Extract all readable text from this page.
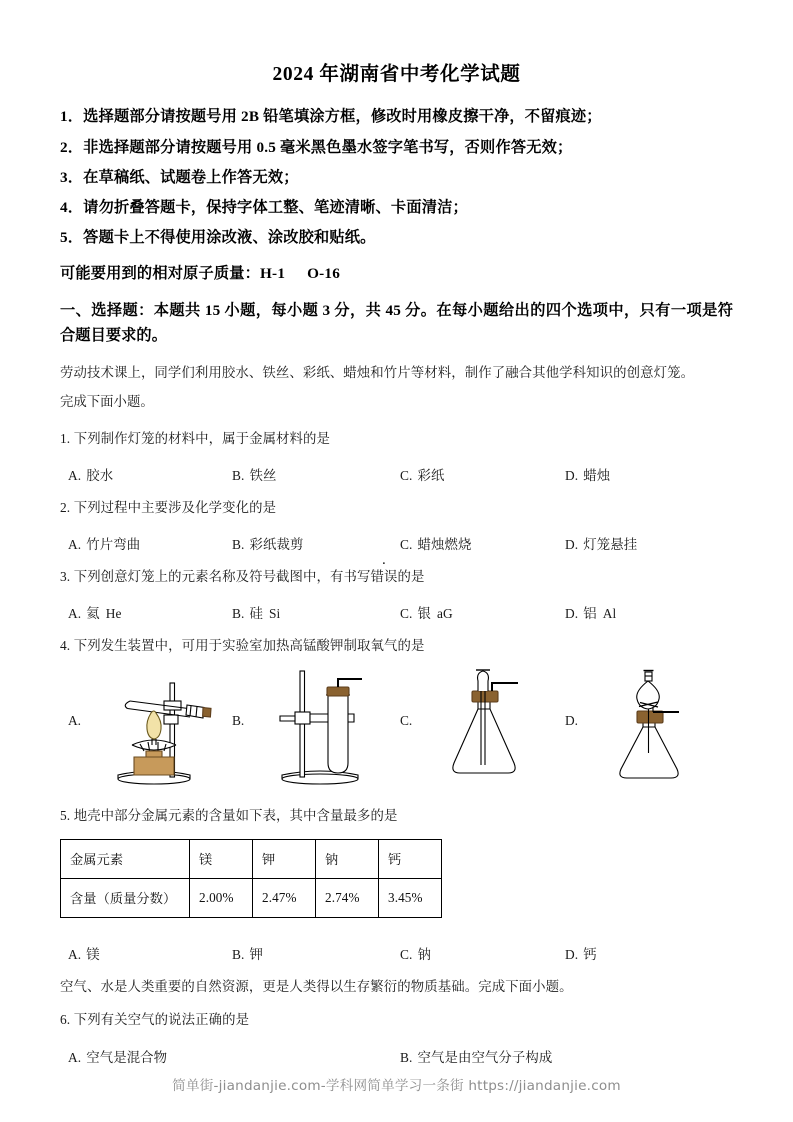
2024 年湖南省中考化学试题
1．选择题部分请按题号用 2B 铅笔填涂方框，修改时用橡皮擦干净，不留痕迹；
2．非选择题部分请按题号用 0.5 毫米黑色墨水签字笔书写，否则作答无效；
3．在草稿纸、试题卷上作答无效；
4．请勿折叠答题卡，保持字体工整、笔迹清晰、卡面清洁；
5．答题卡上不得使用涂改液、涂改胶和贴纸。
可能要用到的相对原子质量：H-1 O-16
一、选择题：本题共 15 小题，每小题 3 分，共 45 分。在每小题给出的四个选项中，只有一项是符合题目要求的。
劳动技术课上，同学们利用胶水、铁丝、彩纸、蜡烛和竹片等材料，制作了融合其他学科知识的创意灯笼。
完成下面小题。
1. 下列制作灯笼的材料中，属于金属材料的是
A. 胶水	B. 铁丝	C. 彩纸	D. 蜡烛
2. 下列过程中主要涉及化学变化的是
A. 竹片弯曲	B. 彩纸裁剪	C. 蜡烛燃烧	D. 灯笼悬挂
3. 下列创意灯笼上的元素名称及符号截图中，有书写错误的是
A. 氦 He	B. 硅 Si	C. 银 aG	D. 铝 Al
4. 下列发生装置中，可用于实验室加热高锰酸钾制取氧气的是
A.	B.	C.	D.
5. 地壳中部分金属元素的含量如下表，其中含量最多的是
金属元素	镁	钾	钠	钙
含量（质量分数）	2.00%	2.47%	2.74%	3.45%
A. 镁	B. 钾	C. 钠	D. 钙
空气、水是人类重要的自然资源，更是人类得以生存繁衍的物质基础。完成下面小题。
6. 下列有关空气的说法正确的是
A. 空气是混合物	B. 空气是由空气分子构成
简单街-jiandanjie.com-学科网简单学习一条街 https://jiandanjie.com
